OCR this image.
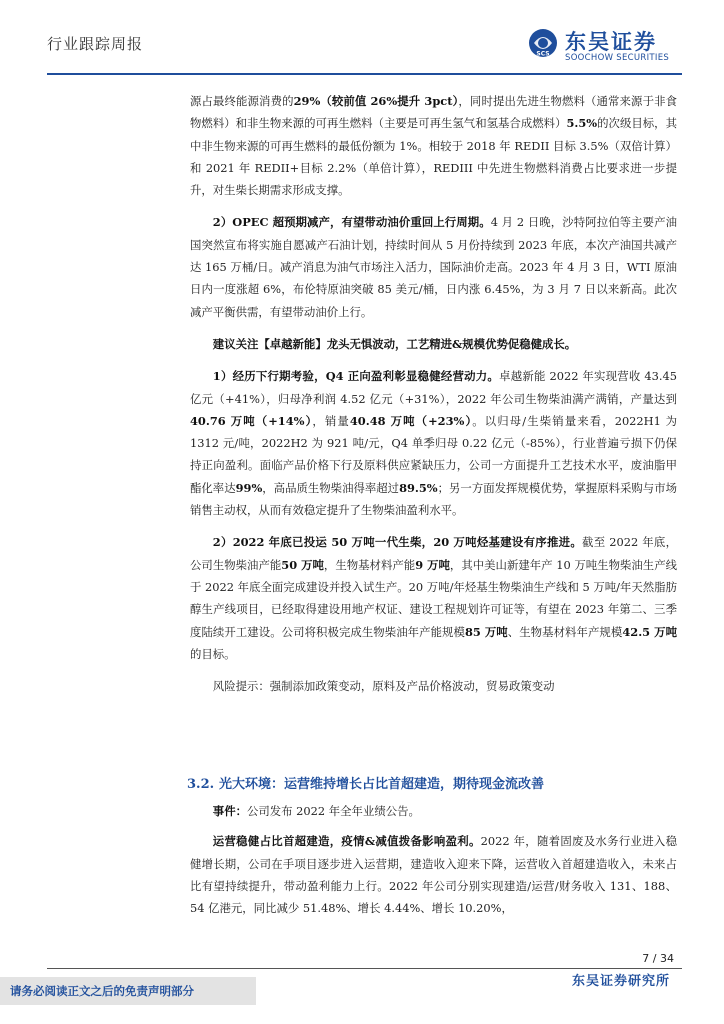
行业跟踪周报
SCS 东吴证券
SOOCHOW SECURITIES

源占最终能源消费的29%（较前值 26%提升 3pct），同时提出先进生物燃料（通常来源于非食物燃料）和非生物来源的可再生燃料（主要是可再生氢气和氢基合成燃料）5.5%的次级目标，其中非生物来源的可再生燃料的最低份额为 1%。相较于 2018 年 REDII 目标 3.5%（双倍计算）和 2021 年 REDII+目标 2.2%（单倍计算），REDIII 中先进生物燃料消费占比要求进一步提升，对生柴长期需求形成支撑。

2）OPEC 超预期减产，有望带动油价重回上行周期。4 月 2 日晚，沙特阿拉伯等主要产油国突然宣布将实施自愿减产石油计划，持续时间从 5 月份持续到 2023 年底，本次产油国共减产达 165 万桶/日。减产消息为油气市场注入活力，国际油价走高。2023 年 4 月 3 日，WTI 原油日内一度涨超 6%，布伦特原油突破 85 美元/桶，日内涨 6.45%，为 3 月 7 日以来新高。此次减产平衡供需，有望带动油价上行。

建议关注【卓越新能】龙头无惧波动，工艺精进&规模优势促稳健成长。

1）经历下行期考验，Q4 正向盈利彰显稳健经营动力。卓越新能 2022 年实现营收 43.45 亿元（+41%），归母净利润 4.52 亿元（+31%），2022 年公司生物柴油满产满销，产量达到40.76 万吨（+14%），销量40.48 万吨（+23%）。以归母/生柴销量来看，2022H1 为 1312 元/吨，2022H2 为 921 吨/元，Q4 单季归母 0.22 亿元（-85%），行业普遍亏损下仍保持正向盈利。面临产品价格下行及原料供应紧缺压力，公司一方面提升工艺技术水平，废油脂甲酯化率达99%，高品质生物柴油得率超过89.5%；另一方面发挥规模优势，掌握原料采购与市场销售主动权，从而有效稳定提升了生物柴油盈利水平。

2）2022 年底已投运 50 万吨一代生柴，20 万吨烃基建设有序推进。截至 2022 年底，公司生物柴油产能50 万吨，生物基材料产能9 万吨，其中美山新建年产 10 万吨生物柴油生产线于 2022 年底全面完成建设并投入试生产。20 万吨/年烃基生物柴油生产线和 5 万吨/年天然脂肪醇生产线项目，已经取得建设用地产权证、建设工程规划许可证等，有望在 2023 年第二、三季度陆续开工建设。公司将积极完成生物柴油年产能规模85 万吨、生物基材料年产规模42.5 万吨的目标。

风险提示：强制添加政策变动，原料及产品价格波动，贸易政策变动

3.2. 光大环境：运营维持增长占比首超建造，期待现金流改善

事件：公司发布 2022 年全年业绩公告。

运营稳健占比首超建造，疫情&减值拨备影响盈利。2022 年，随着固废及水务行业进入稳健增长期，公司在手项目逐步进入运营期，建造收入迎来下降，运营收入首超建造收入，未来占比有望持续提升，带动盈利能力上行。2022 年公司分别实现建造/运营/财务收入 131、188、54 亿港元，同比减少 51.48%、增长 4.44%、增长 10.20%，

7 / 34
请务必阅读正文之后的免责声明部分
东吴证券研究所
